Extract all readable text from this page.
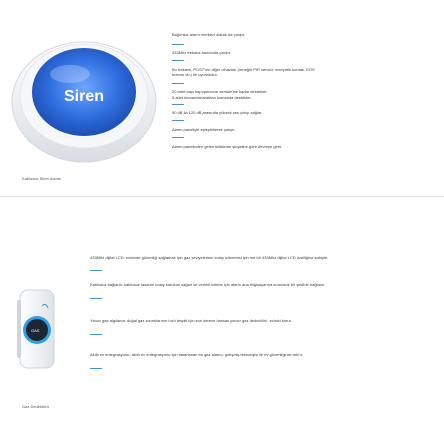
Siren
Kablosuz Siren Alarmı
Bağımsız alarm merkezi olarak da çalışır.
433Mhz frekans bandında çalışır.
Bu frekans, PGST'nin diğer cihazları (örneğin PIR sensör, manyetik kontak, SOS butonu vb.) ile uyumludur.
20 adet kapı kapı/pencere sensörüne kadar destekler.
5 adet kumanda/uzaktan kumanda destekler.
90 dB ila 120 dB arasında yüksek ses çıkışı sağlar.
Alarm paneliyle eşleştirilerek çalışır.
Alarm panelinden gelen tetikleme sinyaline göre devreye girer.
GAS
Gaz Dedektörü
433Mhz dijital LCD: evinizde güvenliği sağlamak için gaz seviyelerinin kolay izlenmesi için net bir 433Mhz dijital LCD özelliğine sahiptir.
Kablosuz bağlantı: kablosuz tasarım kolay kurulum sağlar ve verimli izleme için alarm ana bilgisayarına sorunsuz bir şekilde bağlanır.
Yanıcı gaz algılama: doğal gaz sızıntılarının hızlı tespiti için son derece hassas yanıcı gaz dedektörü, evinizi korur.
Akıllı ev entegrasyonu: akıllı ev entegrasyonu için tasarlanan bu gaz alarmı, gelişmiş teknolojisi ile ev güvenliğinizi artırır.
